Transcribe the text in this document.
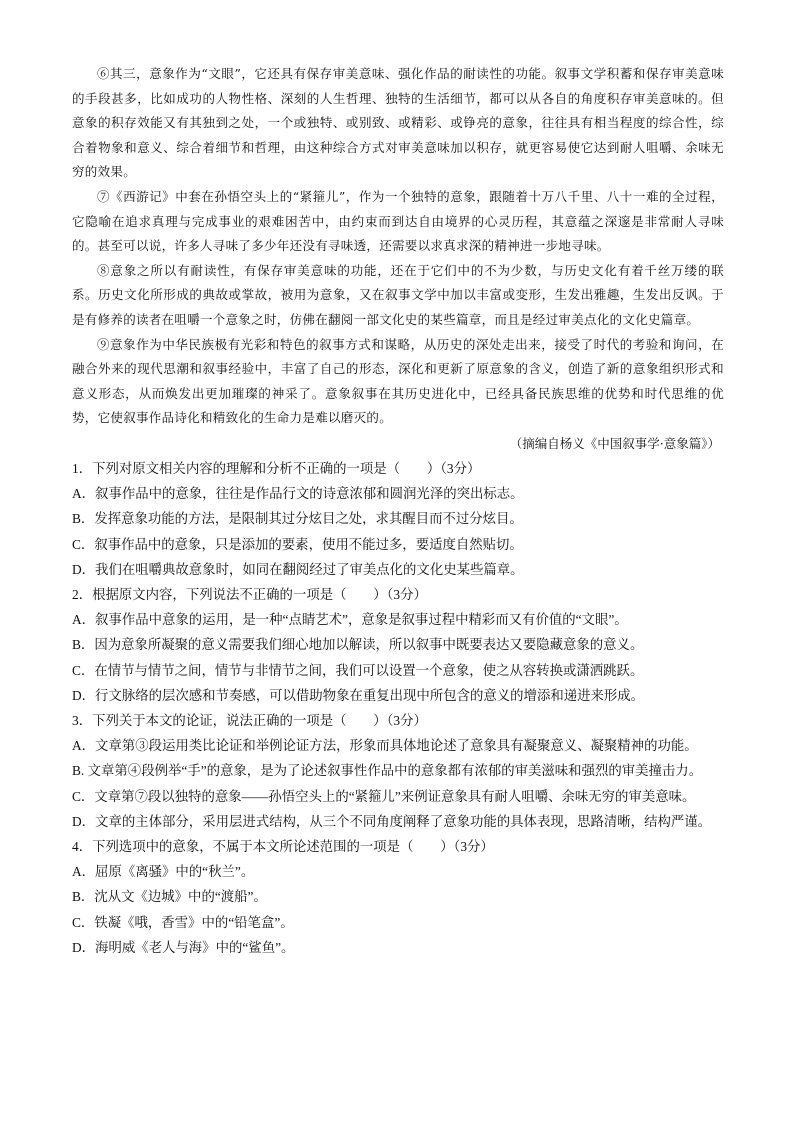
⑥其三，意象作为“文眼”，它还具有保存审美意味、强化作品的耐读性的功能。叙事文学积蓄和保存审美意味的手段甚多，比如成功的人物性格、深刻的人生哲理、独特的生活细节，都可以从各自的角度积存审美意味的。但意象的积存效能又有其独到之处，一个或独特、或别致、或精彩、或铮亮的意象，往往具有相当程度的综合性，综合着物象和意义、综合着细节和哲理，由这种综合方式对审美意味加以积存，就更容易使它达到耐人咀嚼、余味无穷的效果。

⑦《西游记》中套在孙悟空头上的“紧箍儿”，作为一个独特的意象，跟随着十万八千里、八十一难的全过程，它隐喻在追求真理与完成事业的艰难困苦中，由约束而到达自由境界的心灵历程，其意蕴之深邃是非常耐人寻味的。甚至可以说，许多人寻味了多少年还没有寻味透，还需要以求真求深的精神进一步地寻味。

⑧意象之所以有耐读性，有保存审美意味的功能，还在于它们中的不为少数，与历史文化有着千丝万缕的联系。历史文化所形成的典故或掌故，被用为意象，又在叙事文学中加以丰富或变形，生发出雅趣，生发出反讽。于是有修养的读者在咀嚼一个意象之时，仿佛在翻阅一部文化史的某些篇章，而且是经过审美点化的文化史篇章。

⑨意象作为中华民族极有光彩和特色的叙事方式和谋略，从历史的深处走出来，接受了时代的考验和询问，在融合外来的现代思潮和叙事经验中，丰富了自己的形态，深化和更新了原意象的含义，创造了新的意象组织形式和意义形态，从而焕发出更加璀璨的神采了。意象叙事在其历史进化中，已经具备民族思维的优势和时代思维的优势，它使叙事作品诗化和精致化的生命力是难以磨灭的。

（摘编自杨义《中国叙事学·意象篇》）

1．下列对原文相关内容的理解和分析不正确的一项是（　　）（3分）

A．叙事作品中的意象，往往是作品行文的诗意浓郁和圆润光泽的突出标志。

B．发挥意象功能的方法，是限制其过分炫目之处，求其醒目而不过分炫目。

C．叙事作品中的意象，只是添加的要素，使用不能过多，要适度自然贴切。

D．我们在咀嚼典故意象时，如同在翻阅经过了审美点化的文化史某些篇章。

2．根据原文内容，下列说法不正确的一项是（　　）（3分）

A．叙事作品中意象的运用，是一种“点睛艺术”，意象是叙事过程中精彩而又有价值的“文眼”。

B．因为意象所凝聚的意义需要我们细心地加以解读，所以叙事中既要表达又要隐藏意象的意义。

C．在情节与情节之间，情节与非情节之间，我们可以设置一个意象，使之从容转换或潇洒跳跃。

D．行文脉络的层次感和节奏感，可以借助物象在重复出现中所包含的意义的增添和递进来形成。

3．下列关于本文的论证，说法正确的一项是（　　）（3分）

A．文章第③段运用类比论证和举例论证方法，形象而具体地论述了意象具有凝聚意义、凝聚精神的功能。

B. 文章第④段例举“手”的意象，是为了论述叙事性作品中的意象都有浓郁的审美滋味和强烈的审美撞击力。

C．文章第⑦段以独特的意象——孙悟空头上的“紧箍儿”来例证意象具有耐人咀嚼、余味无穷的审美意味。

D．文章的主体部分，采用层进式结构，从三个不同角度阐释了意象功能的具体表现，思路清晰，结构严谨。

4．下列选项中的意象，不属于本文所论述范围的一项是（　　）（3分）

A．屈原《离骚》中的“秋兰”。

B．沈从文《边城》中的“渡船”。

C．铁凝《哦，香雪》中的“铅笔盒”。

D．海明威《老人与海》中的“鲨鱼”。
